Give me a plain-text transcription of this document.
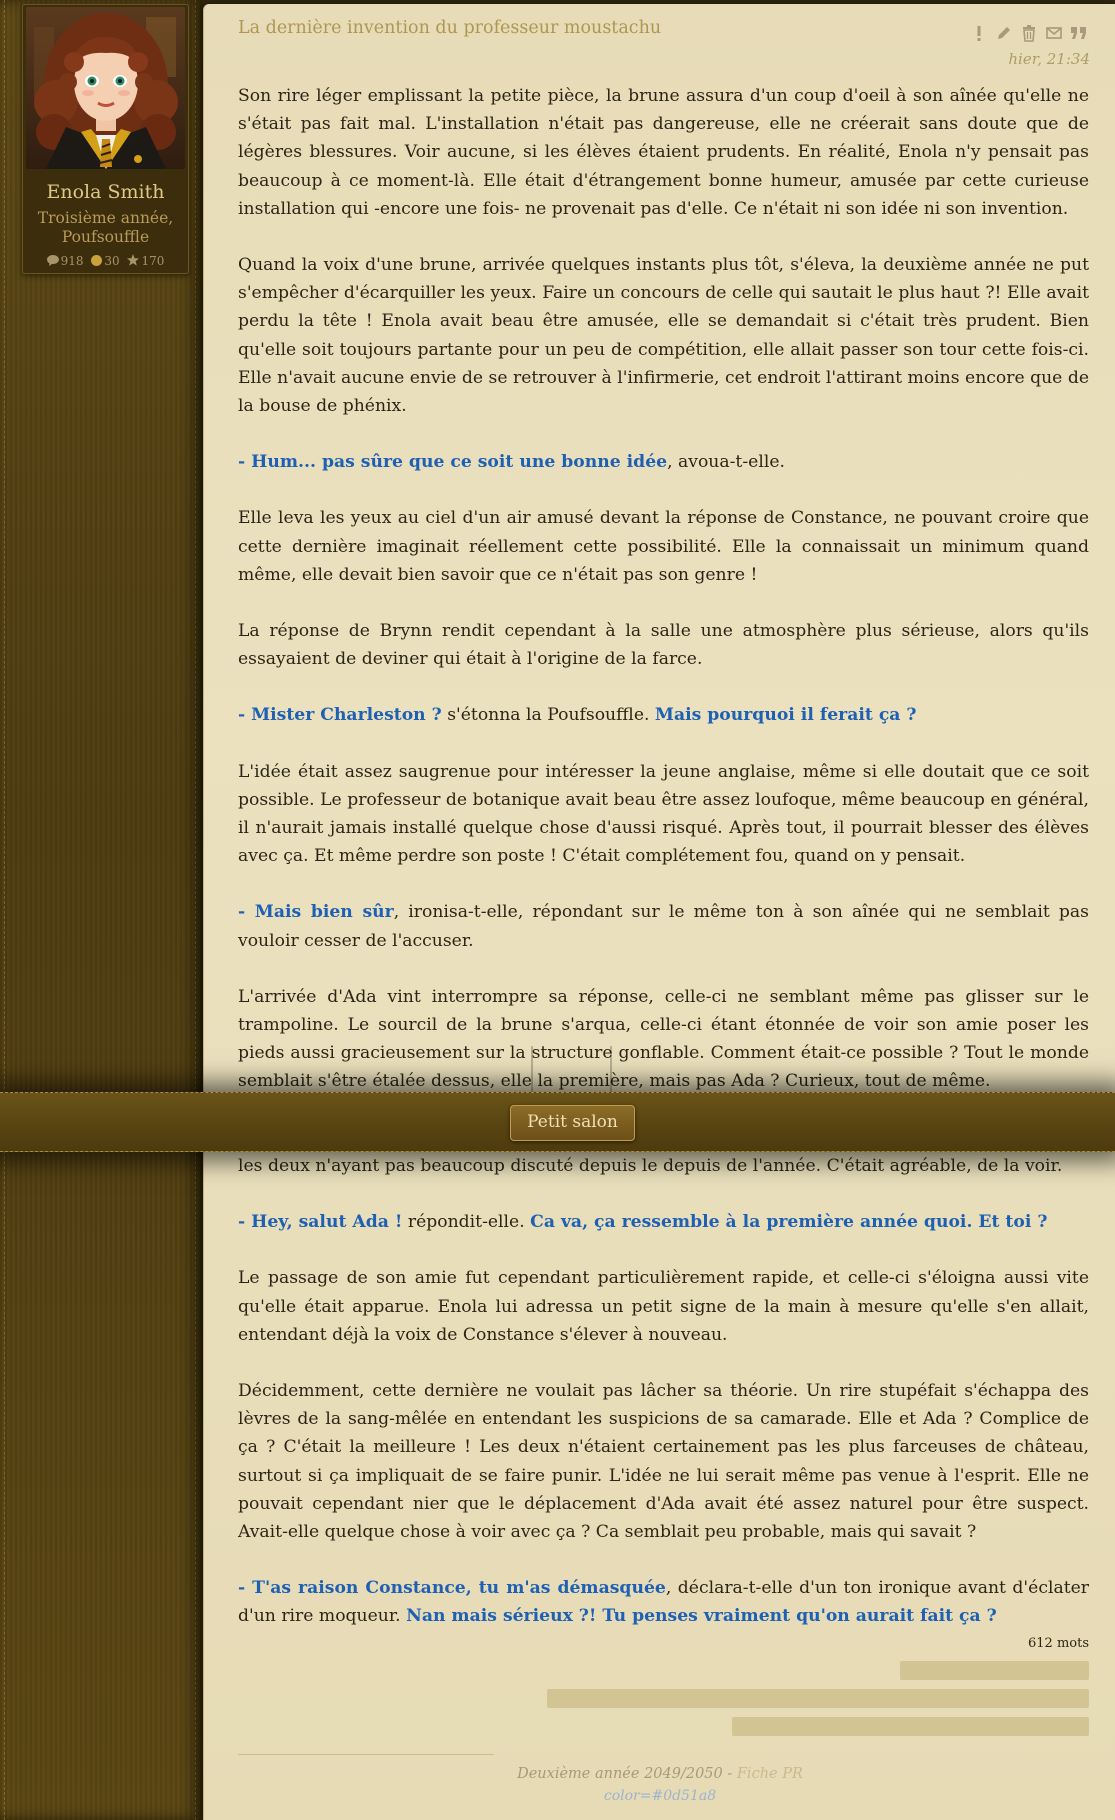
Enola Smith
Troisième année,
Poufsouffle
918 30 170
La dernière invention du professeur moustachu
hier, 21:34

Son rire léger emplissant la petite pièce, la brune assura d'un coup d'oeil à son aînée qu'elle ne s'était pas fait mal. L'installation n'était pas dangereuse, elle ne créerait sans doute que de légères blessures. Voir aucune, si les élèves étaient prudents. En réalité, Enola n'y pensait pas beaucoup à ce moment-là. Elle était d'étrangement bonne humeur, amusée par cette curieuse installation qui -encore une fois- ne provenait pas d'elle. Ce n'était ni son idée ni son invention.

Quand la voix d'une brune, arrivée quelques instants plus tôt, s'éleva, la deuxième année ne put s'empêcher d'écarquiller les yeux. Faire un concours de celle qui sautait le plus haut ?! Elle avait perdu la tête ! Enola avait beau être amusée, elle se demandait si c'était très prudent. Bien qu'elle soit toujours partante pour un peu de compétition, elle allait passer son tour cette fois-ci. Elle n'avait aucune envie de se retrouver à l'infirmerie, cet endroit l'attirant moins encore que de la bouse de phénix.

- Hum... pas sûre que ce soit une bonne idée, avoua-t-elle.

Elle leva les yeux au ciel d'un air amusé devant la réponse de Constance, ne pouvant croire que cette dernière imaginait réellement cette possibilité. Elle la connaissait un minimum quand même, elle devait bien savoir que ce n'était pas son genre !

La réponse de Brynn rendit cependant à la salle une atmosphère plus sérieuse, alors qu'ils essayaient de deviner qui était à l'origine de la farce.

- Mister Charleston ? s'étonna la Poufsouffle. Mais pourquoi il ferait ça ?

L'idée était assez saugrenue pour intéresser la jeune anglaise, même si elle doutait que ce soit possible. Le professeur de botanique avait beau être assez loufoque, même beaucoup en général, il n'aurait jamais installé quelque chose d'aussi risqué. Après tout, il pourrait blesser des élèves avec ça. Et même perdre son poste ! C'était complétement fou, quand on y pensait.

- Mais bien sûr, ironisa-t-elle, répondant sur le même ton à son aînée qui ne semblait pas vouloir cesser de l'accuser.

L'arrivée d'Ada vint interrompre sa réponse, celle-ci ne semblant même pas glisser sur le trampoline. Le sourcil de la brune s'arqua, celle-ci étant étonnée de voir son amie poser les pieds aussi gracieusement sur la structure gonflable. Comment était-ce possible ? Tout le monde semblait s'être étalée dessus, elle la première, mais pas Ada ? Curieux, tout de même.

les deux n'ayant pas beaucoup discuté depuis le depuis de l'année. C'était agréable, de la voir.

- Hey, salut Ada ! répondit-elle. Ca va, ça ressemble à la première année quoi. Et toi ?

Le passage de son amie fut cependant particulièrement rapide, et celle-ci s'éloigna aussi vite qu'elle était apparue. Enola lui adressa un petit signe de la main à mesure qu'elle s'en allait, entendant déjà la voix de Constance s'élever à nouveau.

Décidemment, cette dernière ne voulait pas lâcher sa théorie. Un rire stupéfait s'échappa des lèvres de la sang-mêlée en entendant les suspicions de sa camarade. Elle et Ada ? Complice de ça ? C'était la meilleure ! Les deux n'étaient certainement pas les plus farceuses de château, surtout si ça impliquait de se faire punir. L'idée ne lui serait même pas venue à l'esprit. Elle ne pouvait cependant nier que le déplacement d'Ada avait été assez naturel pour être suspect. Avait-elle quelque chose à voir avec ça ? Ca semblait peu probable, mais qui savait ?

- T'as raison Constance, tu m'as démasquée, déclara-t-elle d'un ton ironique avant d'éclater d'un rire moqueur. Nan mais sérieux ?! Tu penses vraiment qu'on aurait fait ça ?

612 mots
Deuxième année 2049/2050 - Fiche PR
color=#0d51a8
Petit salon
